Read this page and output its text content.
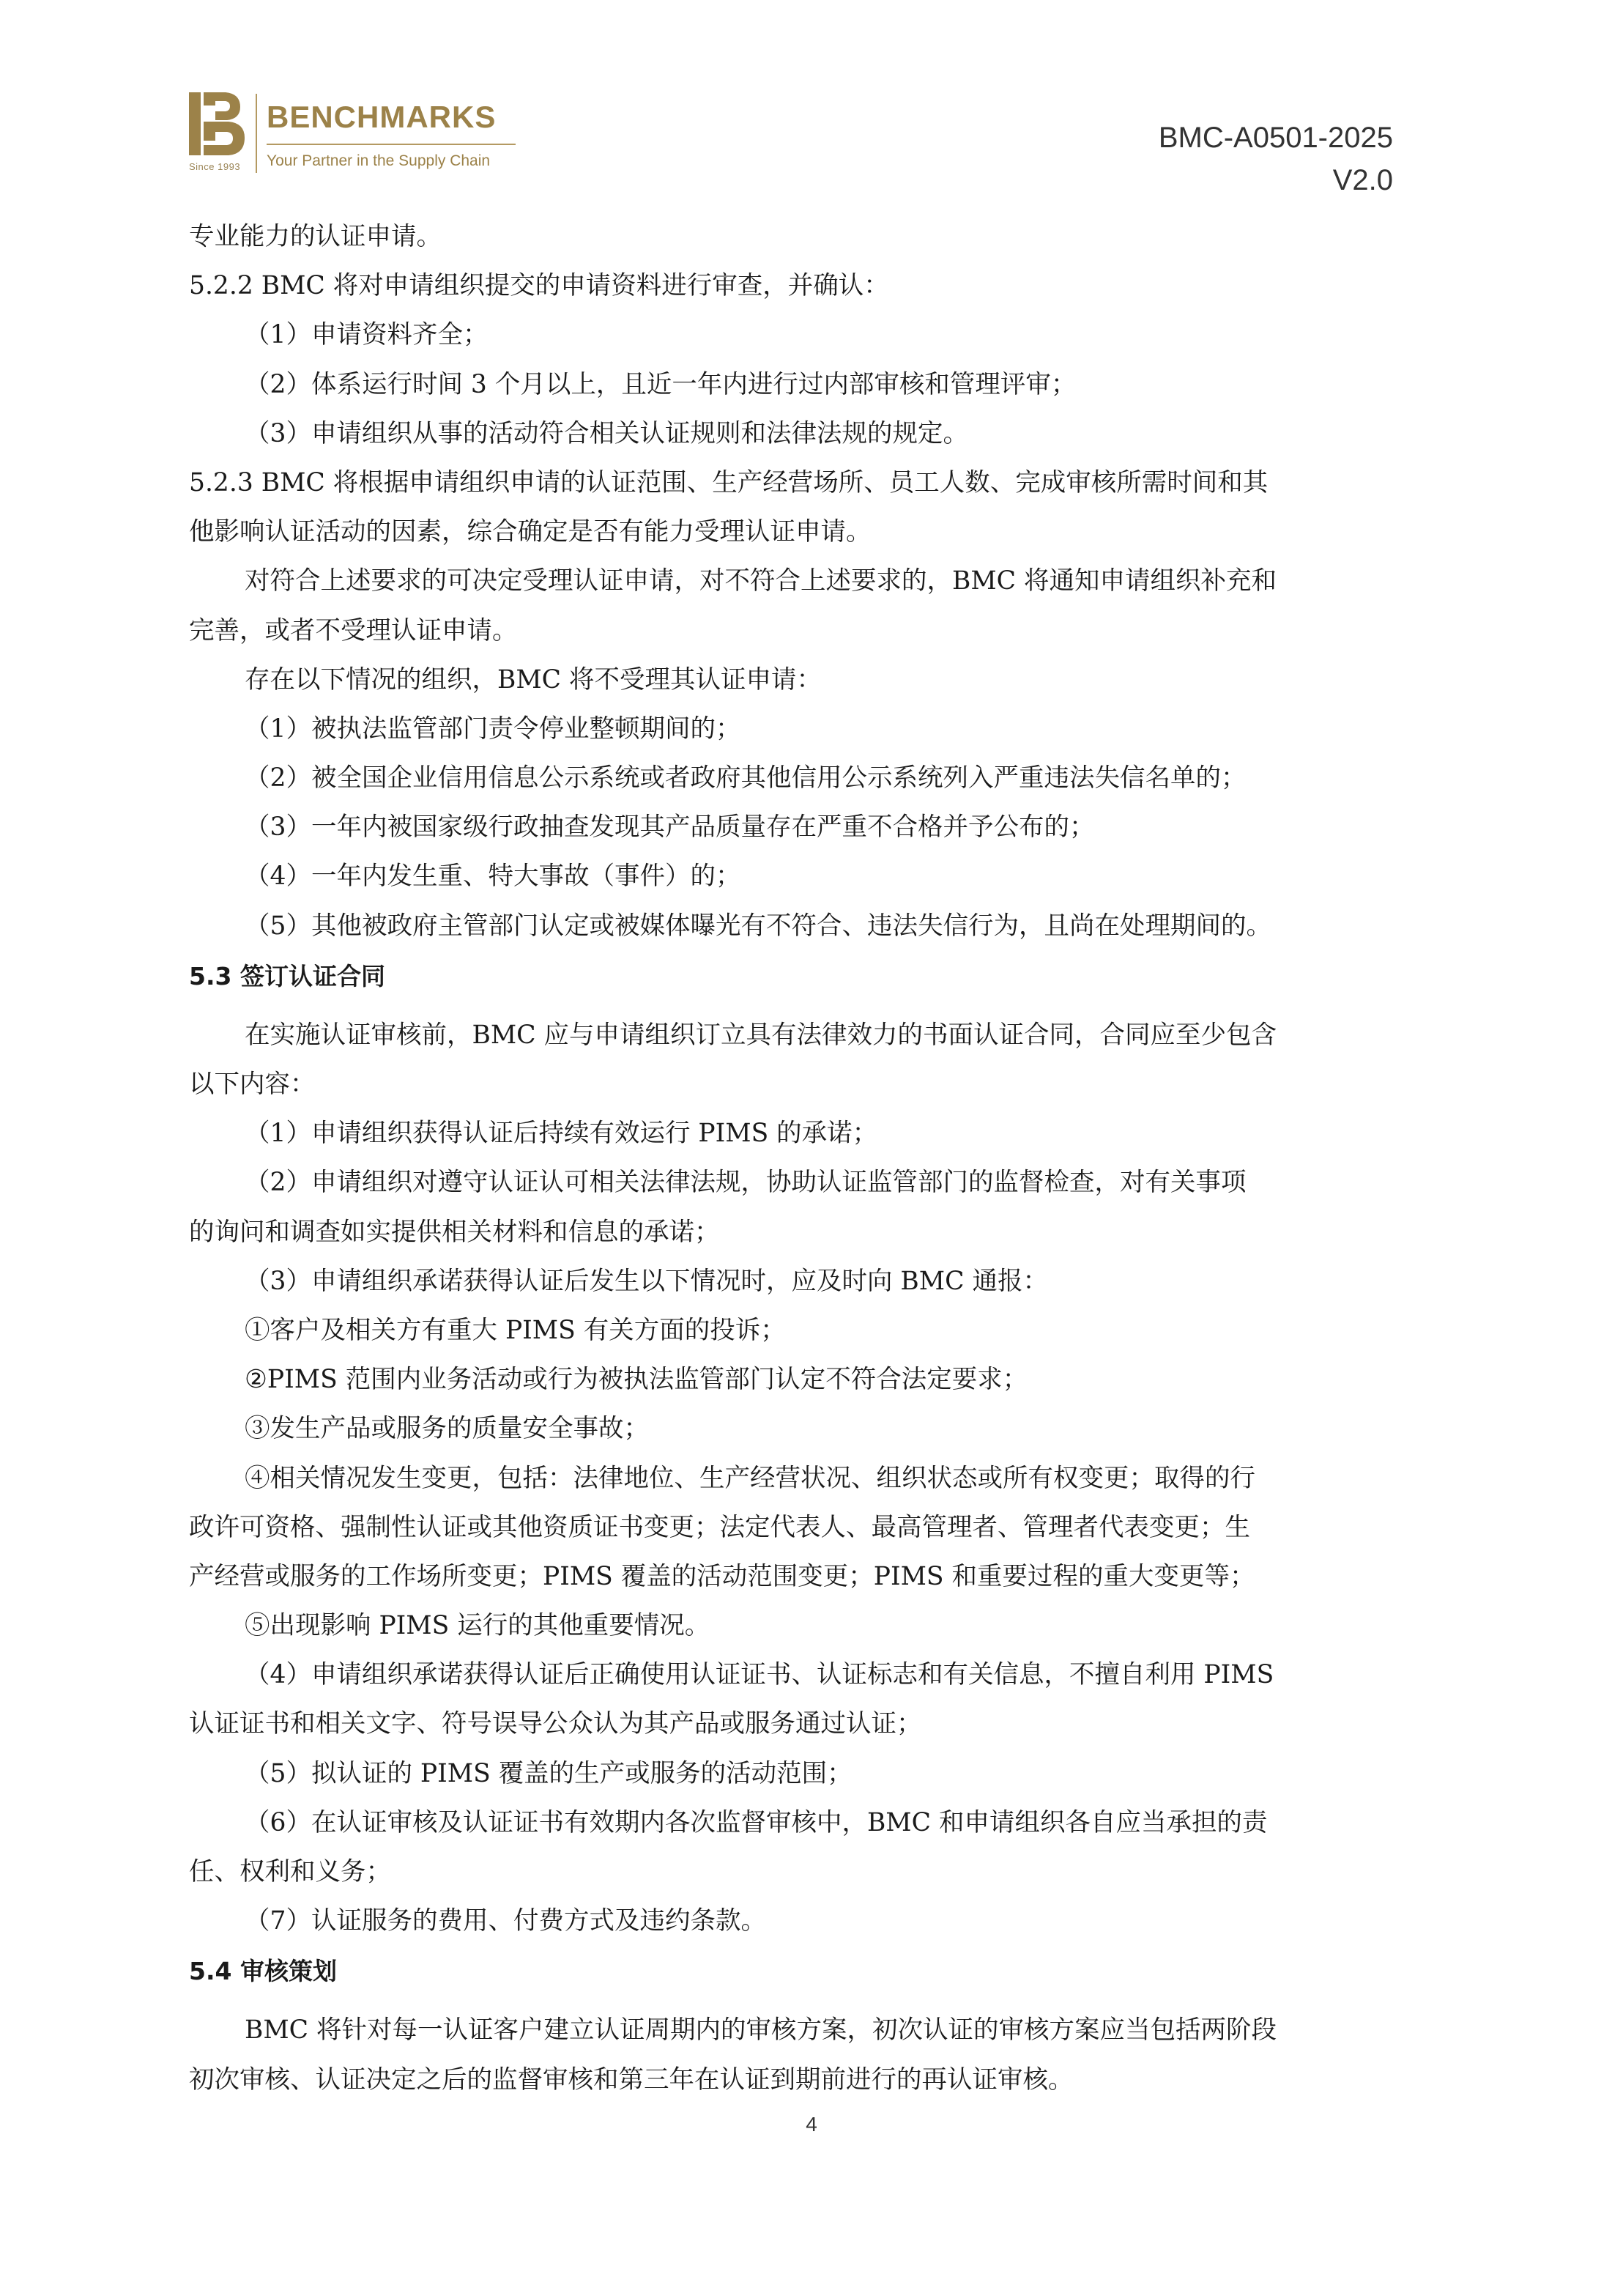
Since 1993
BENCHMARKS
Your Partner in the Supply Chain
BMC-A0501-2025
V2.0
专业能力的认证申请。
5.2.2 BMC 将对申请组织提交的申请资料进行审查，并确认：
（1）申请资料齐全；
（2）体系运行时间 3 个月以上，且近一年内进行过内部审核和管理评审；
（3）申请组织从事的活动符合相关认证规则和法律法规的规定。
5.2.3 BMC 将根据申请组织申请的认证范围、生产经营场所、员工人数、完成审核所需时间和其
他影响认证活动的因素，综合确定是否有能力受理认证申请。
对符合上述要求的可决定受理认证申请，对不符合上述要求的，BMC 将通知申请组织补充和
完善，或者不受理认证申请。
存在以下情况的组织，BMC 将不受理其认证申请：
（1）被执法监管部门责令停业整顿期间的；
（2）被全国企业信用信息公示系统或者政府其他信用公示系统列入严重违法失信名单的；
（3）一年内被国家级行政抽查发现其产品质量存在严重不合格并予公布的；
（4）一年内发生重、特大事故（事件）的；
（5）其他被政府主管部门认定或被媒体曝光有不符合、违法失信行为，且尚在处理期间的。
5.3 签订认证合同
在实施认证审核前，BMC 应与申请组织订立具有法律效力的书面认证合同，合同应至少包含
以下内容：
（1）申请组织获得认证后持续有效运行 PIMS 的承诺；
（2）申请组织对遵守认证认可相关法律法规，协助认证监管部门的监督检查，对有关事项
的询问和调查如实提供相关材料和信息的承诺；
（3）申请组织承诺获得认证后发生以下情况时，应及时向 BMC 通报：
①客户及相关方有重大 PIMS 有关方面的投诉；
②PIMS 范围内业务活动或行为被执法监管部门认定不符合法定要求；
③发生产品或服务的质量安全事故；
④相关情况发生变更，包括：法律地位、生产经营状况、组织状态或所有权变更；取得的行
政许可资格、强制性认证或其他资质证书变更；法定代表人、最高管理者、管理者代表变更；生
产经营或服务的工作场所变更；PIMS 覆盖的活动范围变更；PIMS 和重要过程的重大变更等；
⑤出现影响 PIMS 运行的其他重要情况。
（4）申请组织承诺获得认证后正确使用认证证书、认证标志和有关信息，不擅自利用 PIMS
认证证书和相关文字、符号误导公众认为其产品或服务通过认证；
（5）拟认证的 PIMS 覆盖的生产或服务的活动范围；
（6）在认证审核及认证证书有效期内各次监督审核中，BMC 和申请组织各自应当承担的责
任、权利和义务；
（7）认证服务的费用、付费方式及违约条款。
5.4 审核策划
BMC 将针对每一认证客户建立认证周期内的审核方案，初次认证的审核方案应当包括两阶段
初次审核、认证决定之后的监督审核和第三年在认证到期前进行的再认证审核。
4
